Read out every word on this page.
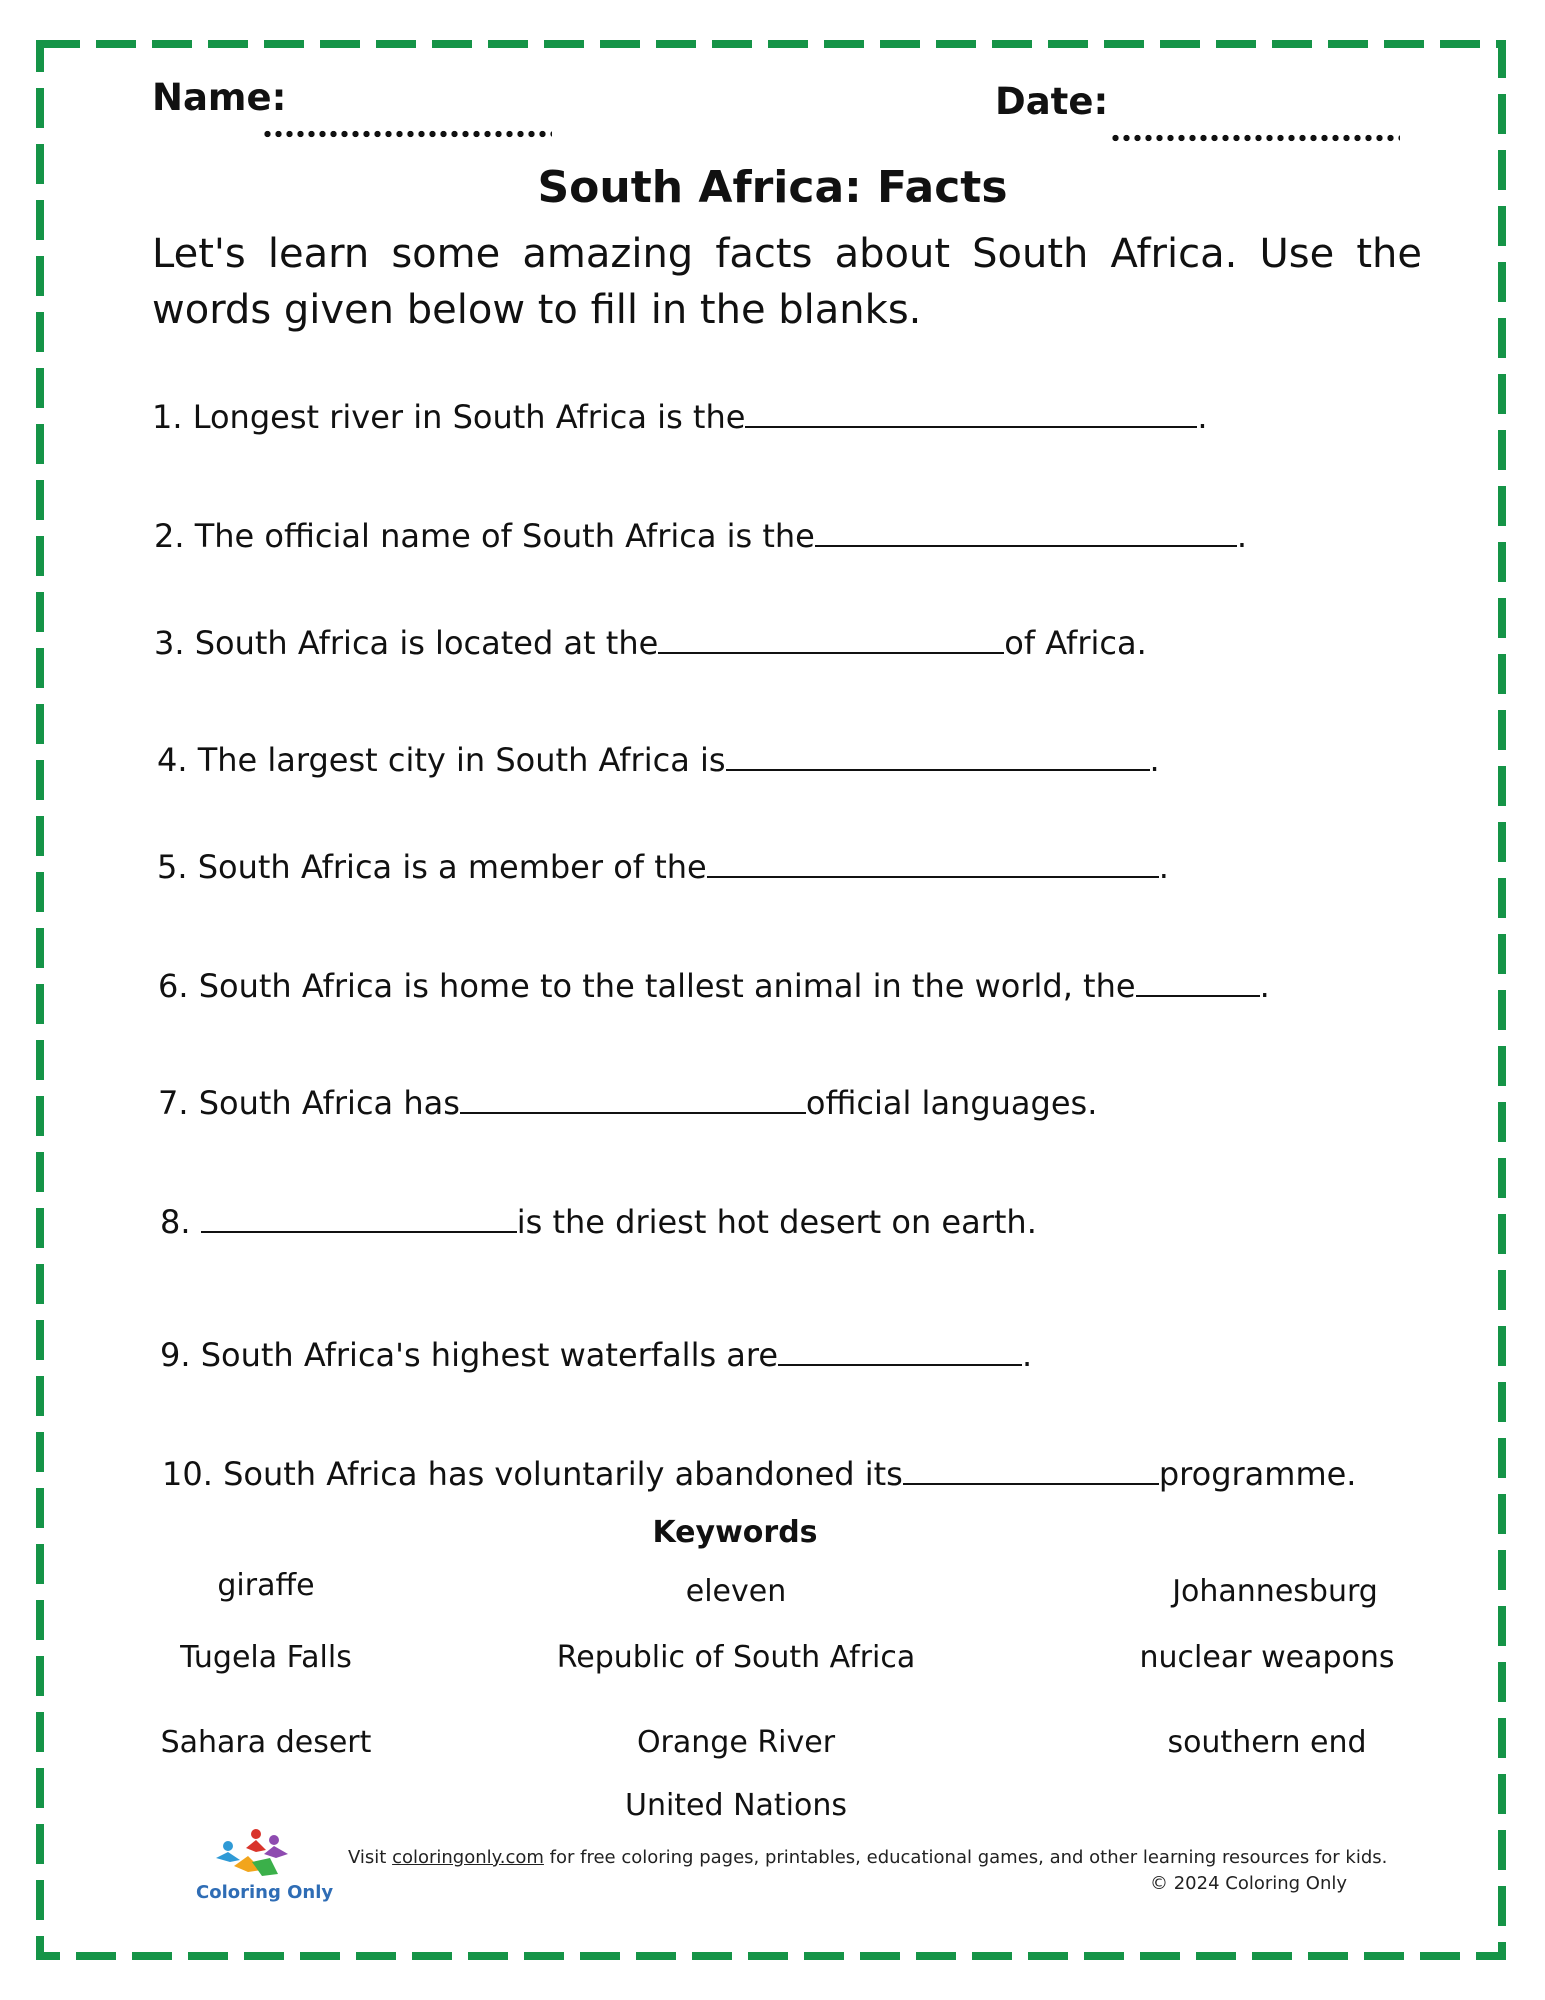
Name:	Date:
South Africa: Facts
Let's learn some amazing facts about South Africa. Use the words given below to fill in the blanks.
1. Longest river in South Africa is the	.
2. The official name of South Africa is the	.
3. South Africa is located at the	of Africa.
4. The largest city in South Africa is	.
5. South Africa is a member of the	.
6. South Africa is home to the tallest animal in the world, the	.
7. South Africa has	official languages.
8.	is the driest hot desert on earth.
9. South Africa's highest waterfalls are	.
10. South Africa has voluntarily abandoned its	programme.
Keywords
giraffe	eleven	Johannesburg
Tugela Falls	Republic of South Africa	nuclear weapons
Sahara desert	Orange River	southern end
United Nations
Coloring Only
Visit coloringonly.com for free coloring pages, printables, educational games, and other learning resources for kids.
© 2024 Coloring Only
